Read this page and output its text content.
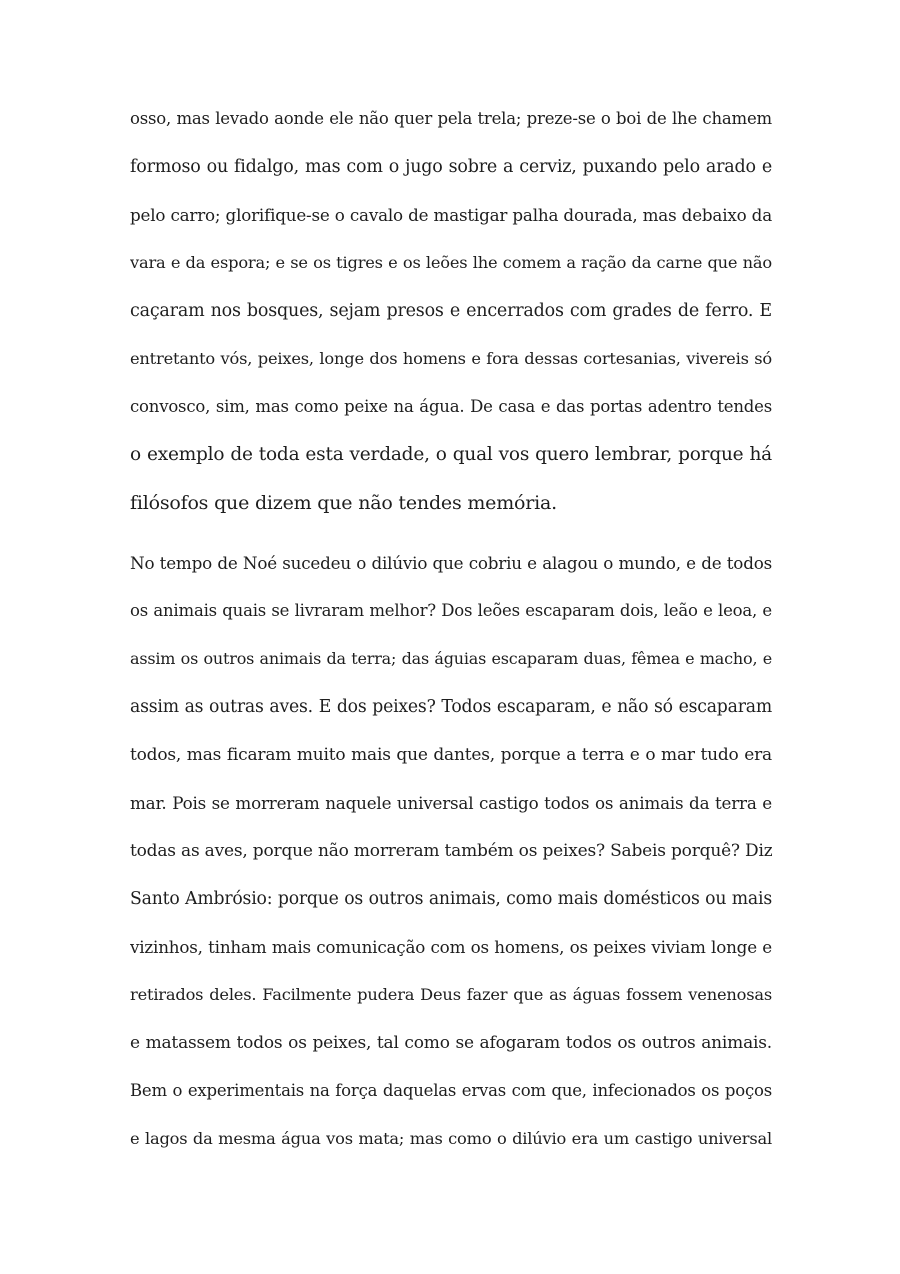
osso, mas levado aonde ele não quer pela trela; preze-se o boi de lhe chamem
formoso ou fidalgo, mas com o jugo sobre a cerviz, puxando pelo arado e
pelo carro; glorifique-se o cavalo de mastigar palha dourada, mas debaixo da
vara e da espora; e se os tigres e os leões lhe comem a ração da carne que não
caçaram nos bosques, sejam presos e encerrados com grades de ferro. E
entretanto vós, peixes, longe dos homens e fora dessas cortesanias, vivereis só
convosco, sim, mas como peixe na água. De casa e das portas adentro tendes
o exemplo de toda esta verdade, o qual vos quero lembrar, porque há
filósofos que dizem que não tendes memória.
No tempo de Noé sucedeu o dilúvio que cobriu e alagou o mundo, e de todos
os animais quais se livraram melhor? Dos leões escaparam dois, leão e leoa, e
assim os outros animais da terra; das águias escaparam duas, fêmea e macho, e
assim as outras aves. E dos peixes? Todos escaparam, e não só escaparam
todos, mas ficaram muito mais que dantes, porque a terra e o mar tudo era
mar. Pois se morreram naquele universal castigo todos os animais da terra e
todas as aves, porque não morreram também os peixes? Sabeis porquê? Diz
Santo Ambrósio: porque os outros animais, como mais domésticos ou mais
vizinhos, tinham mais comunicação com os homens, os peixes viviam longe e
retirados deles. Facilmente pudera Deus fazer que as águas fossem venenosas
e matassem todos os peixes, tal como se afogaram todos os outros animais.
Bem o experimentais na força daquelas ervas com que, infecionados os poços
e lagos da mesma água vos mata; mas como o dilúvio era um castigo universal
